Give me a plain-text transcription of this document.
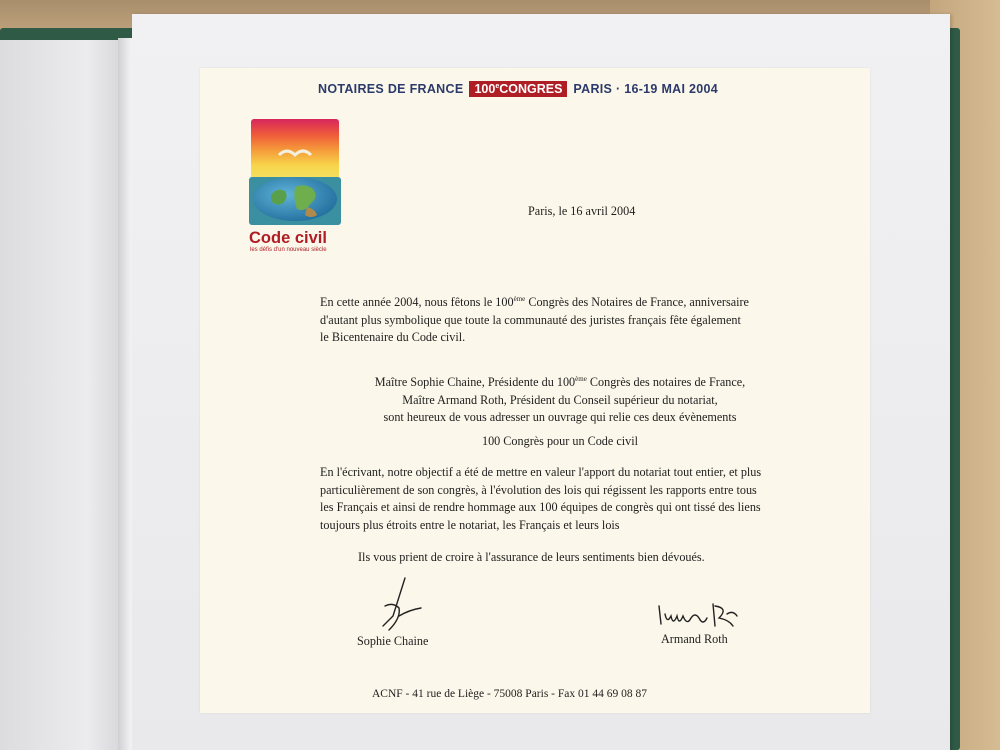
NOTAIRES DE FRANCE 100eCONGRES PARIS · 16-19 MAI 2004
Code civil
les défis d'un nouveau siècle
Paris, le 16 avril 2004
En cette année 2004, nous fêtons le 100ème Congrès des Notaires de France, anniversaire
d'autant plus symbolique que toute la communauté des juristes français fête également
le Bicentenaire du Code civil.
Maître Sophie Chaine, Présidente du 100ème Congrès des notaires de France,
Maître Armand Roth, Président du Conseil supérieur du notariat,
sont heureux de vous adresser un ouvrage qui relie ces deux évènements
100 Congrès pour un Code civil
En l'écrivant, notre objectif a été de mettre en valeur l'apport du notariat tout entier, et plus
particulièrement de son congrès, à l'évolution des lois qui régissent les rapports entre tous
les Français et ainsi de rendre hommage aux 100 équipes de congrès qui ont tissé des liens
toujours plus étroits entre le notariat, les Français et leurs lois
Ils vous prient de croire à l'assurance de leurs sentiments bien dévoués.
Sophie Chaine	Armand Roth
ACNF - 41 rue de Liège - 75008 Paris - Fax 01 44 69 08 87
